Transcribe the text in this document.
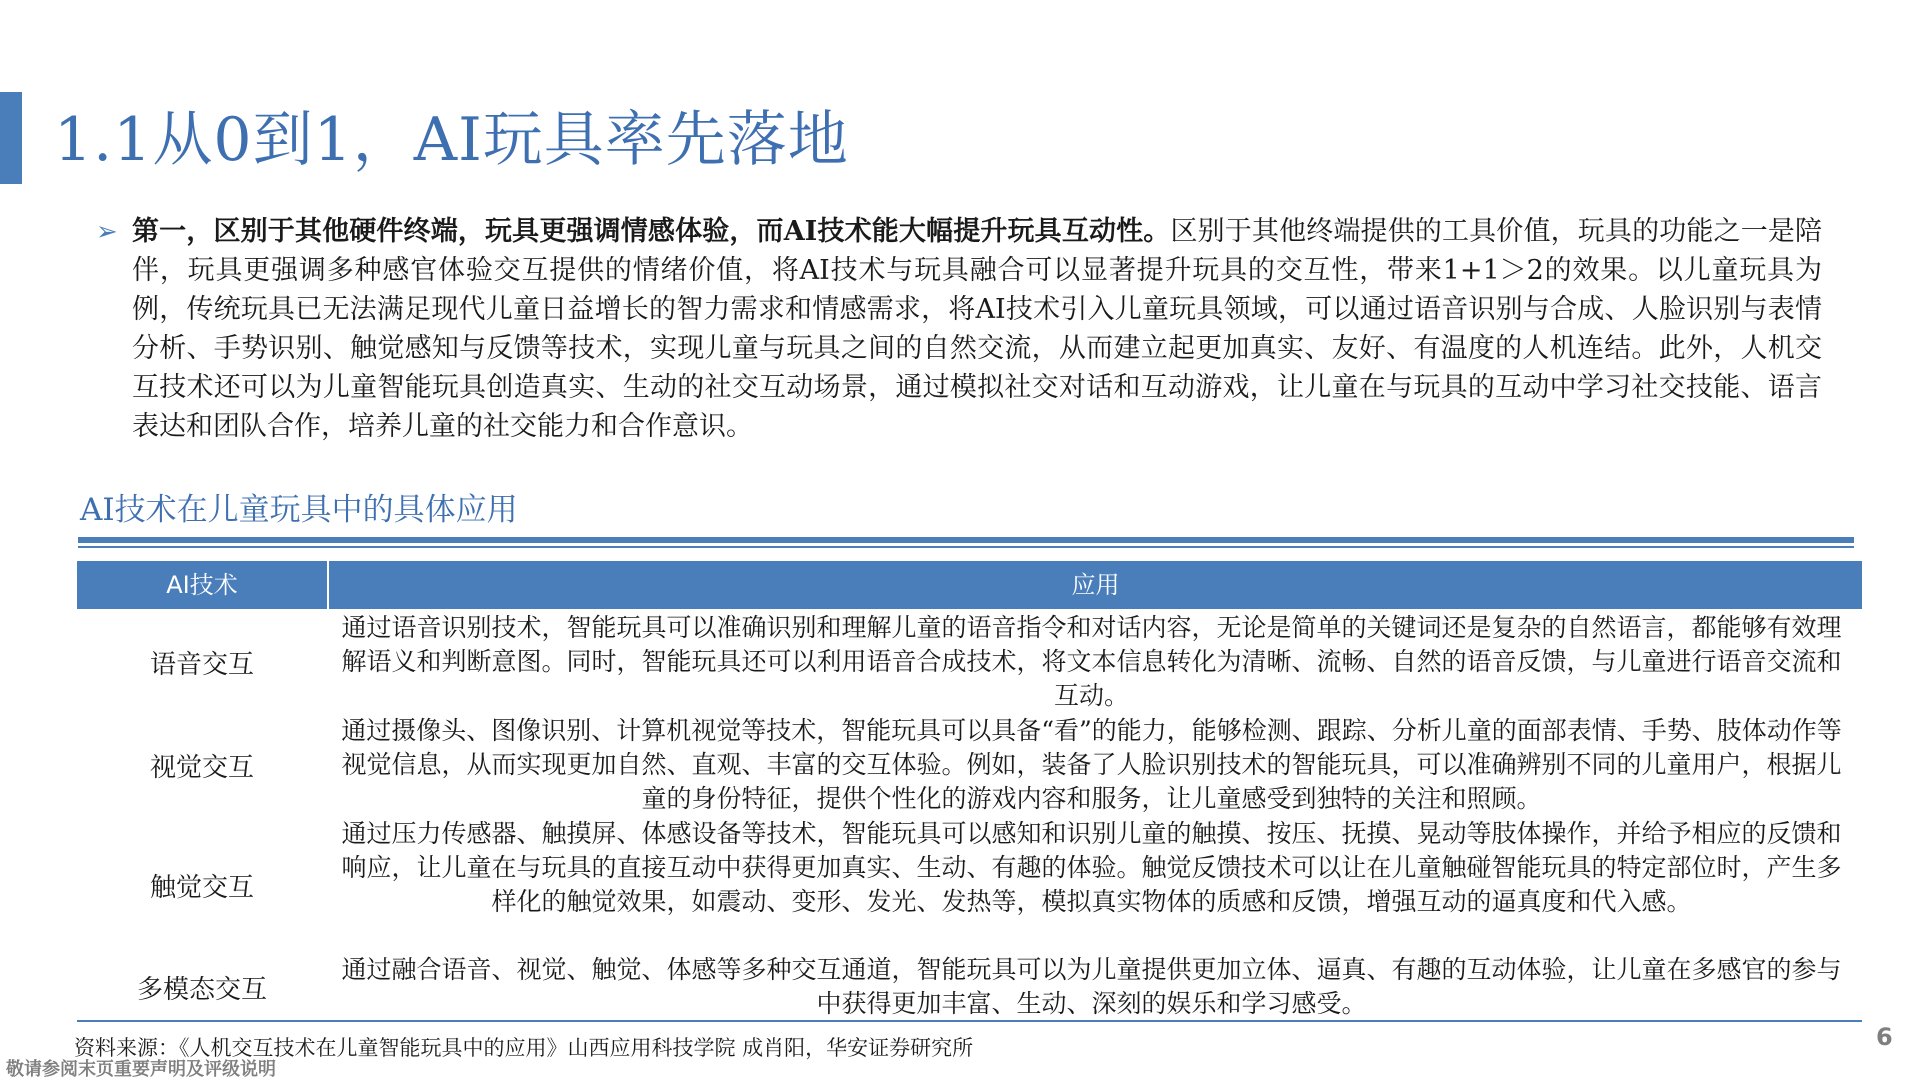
1.1从0到1，AI玩具率先落地
➢ 第一，区别于其他硬件终端，玩具更强调情感体验，而AI技术能大幅提升玩具互动性。区别于其他终端提供的工具价值，玩具的功能之一是陪伴，玩具更强调多种感官体验交互提供的情绪价值，将AI技术与玩具融合可以显著提升玩具的交互性，带来1+1＞2的效果。以儿童玩具为例，传统玩具已无法满足现代儿童日益增长的智力需求和情感需求，将AI技术引入儿童玩具领域，可以通过语音识别与合成、人脸识别与表情分析、手势识别、触觉感知与反馈等技术，实现儿童与玩具之间的自然交流，从而建立起更加真实、友好、有温度的人机连结。此外，人机交互技术还可以为儿童智能玩具创造真实、生动的社交互动场景，通过模拟社交对话和互动游戏，让儿童在与玩具的互动中学习社交技能、语言表达和团队合作，培养儿童的社交能力和合作意识。
AI技术在儿童玩具中的具体应用
AI技术	应用
语音交互
通过语音识别技术，智能玩具可以准确识别和理解儿童的语音指令和对话内容，无论是简单的关键词还是复杂的自然语言，都能够有效理解语义和判断意图。同时，智能玩具还可以利用语音合成技术，将文本信息转化为清晰、流畅、自然的语音反馈，与儿童进行语音交流和互动。
视觉交互
通过摄像头、图像识别、计算机视觉等技术，智能玩具可以具备“看”的能力，能够检测、跟踪、分析儿童的面部表情、手势、肢体动作等视觉信息，从而实现更加自然、直观、丰富的交互体验。例如，装备了人脸识别技术的智能玩具，可以准确辨别不同的儿童用户，根据儿童的身份特征，提供个性化的游戏内容和服务，让儿童感受到独特的关注和照顾。
触觉交互
通过压力传感器、触摸屏、体感设备等技术，智能玩具可以感知和识别儿童的触摸、按压、抚摸、晃动等肢体操作，并给予相应的反馈和响应，让儿童在与玩具的直接互动中获得更加真实、生动、有趣的体验。触觉反馈技术可以让在儿童触碰智能玩具的特定部位时，产生多样化的触觉效果，如震动、变形、发光、发热等，模拟真实物体的质感和反馈，增强互动的逼真度和代入感。
多模态交互
通过融合语音、视觉、触觉、体感等多种交互通道，智能玩具可以为儿童提供更加立体、逼真、有趣的互动体验，让儿童在多感官的参与中获得更加丰富、生动、深刻的娱乐和学习感受。
资料来源：《人机交互技术在儿童智能玩具中的应用》山西应用科技学院 成肖阳，华安证券研究所	6
敬请参阅末页重要声明及评级说明
